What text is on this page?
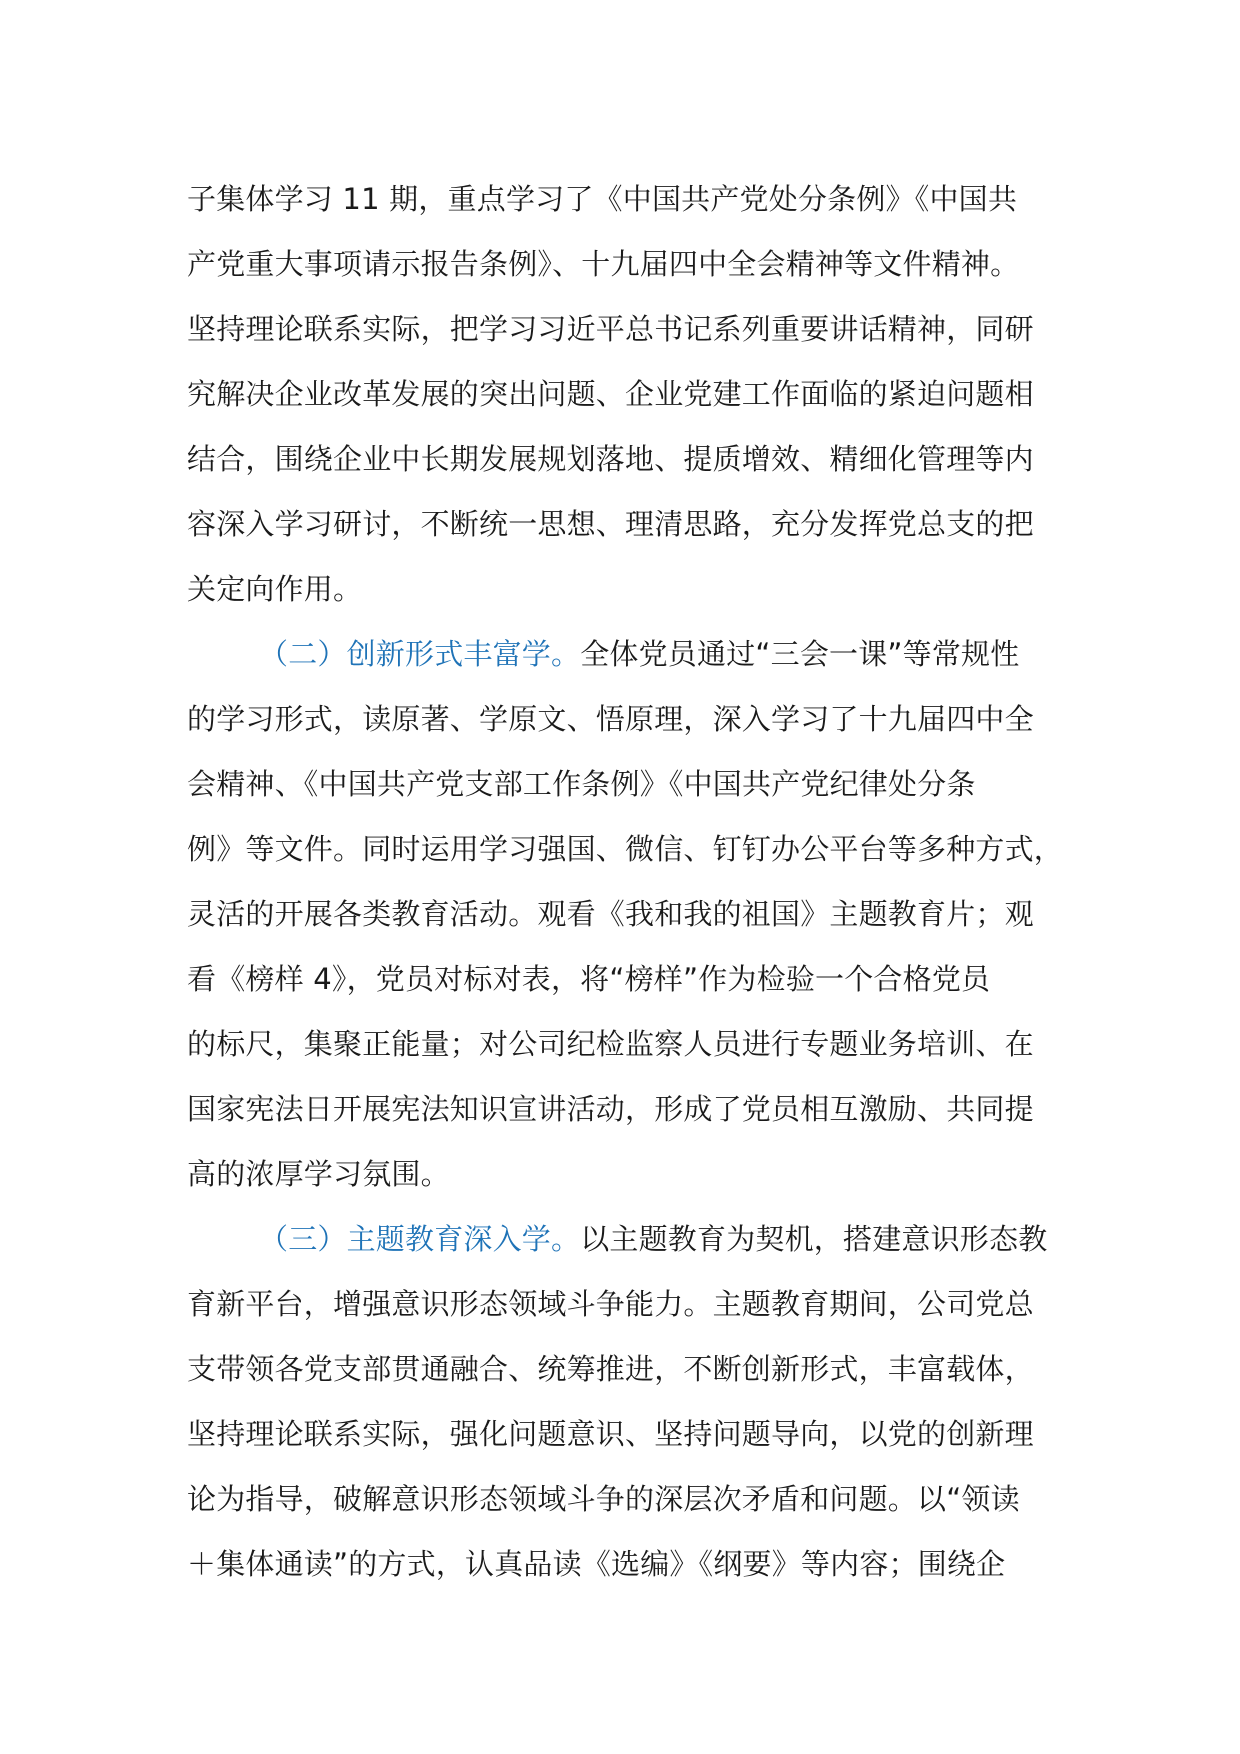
子集体学习 11 期，重点学习了《中国共产党处分条例》《中国共
产党重大事项请示报告条例》、十九届四中全会精神等文件精神。
坚持理论联系实际，把学习习近平总书记系列重要讲话精神，同研
究解决企业改革发展的突出问题、企业党建工作面临的紧迫问题相
结合，围绕企业中长期发展规划落地、提质增效、精细化管理等内
容深入学习研讨，不断统一思想、理清思路，充分发挥党总支的把
关定向作用。
（二）创新形式丰富学。全体党员通过“三会一课”等常规性
的学习形式，读原著、学原文、悟原理，深入学习了十九届四中全
会精神、《中国共产党支部工作条例》《中国共产党纪律处分条
例》等文件。同时运用学习强国、微信、钉钉办公平台等多种方式，
灵活的开展各类教育活动。观看《我和我的祖国》主题教育片；观
看《榜样 4》，党员对标对表，将“榜样”作为检验一个合格党员
的标尺，集聚正能量；对公司纪检监察人员进行专题业务培训、在
国家宪法日开展宪法知识宣讲活动，形成了党员相互激励、共同提
高的浓厚学习氛围。
（三）主题教育深入学。以主题教育为契机，搭建意识形态教
育新平台，增强意识形态领域斗争能力。主题教育期间，公司党总
支带领各党支部贯通融合、统筹推进，不断创新形式，丰富载体，
坚持理论联系实际，强化问题意识、坚持问题导向，以党的创新理
论为指导，破解意识形态领域斗争的深层次矛盾和问题。以“领读
＋集体通读”的方式，认真品读《选编》《纲要》等内容；围绕企
